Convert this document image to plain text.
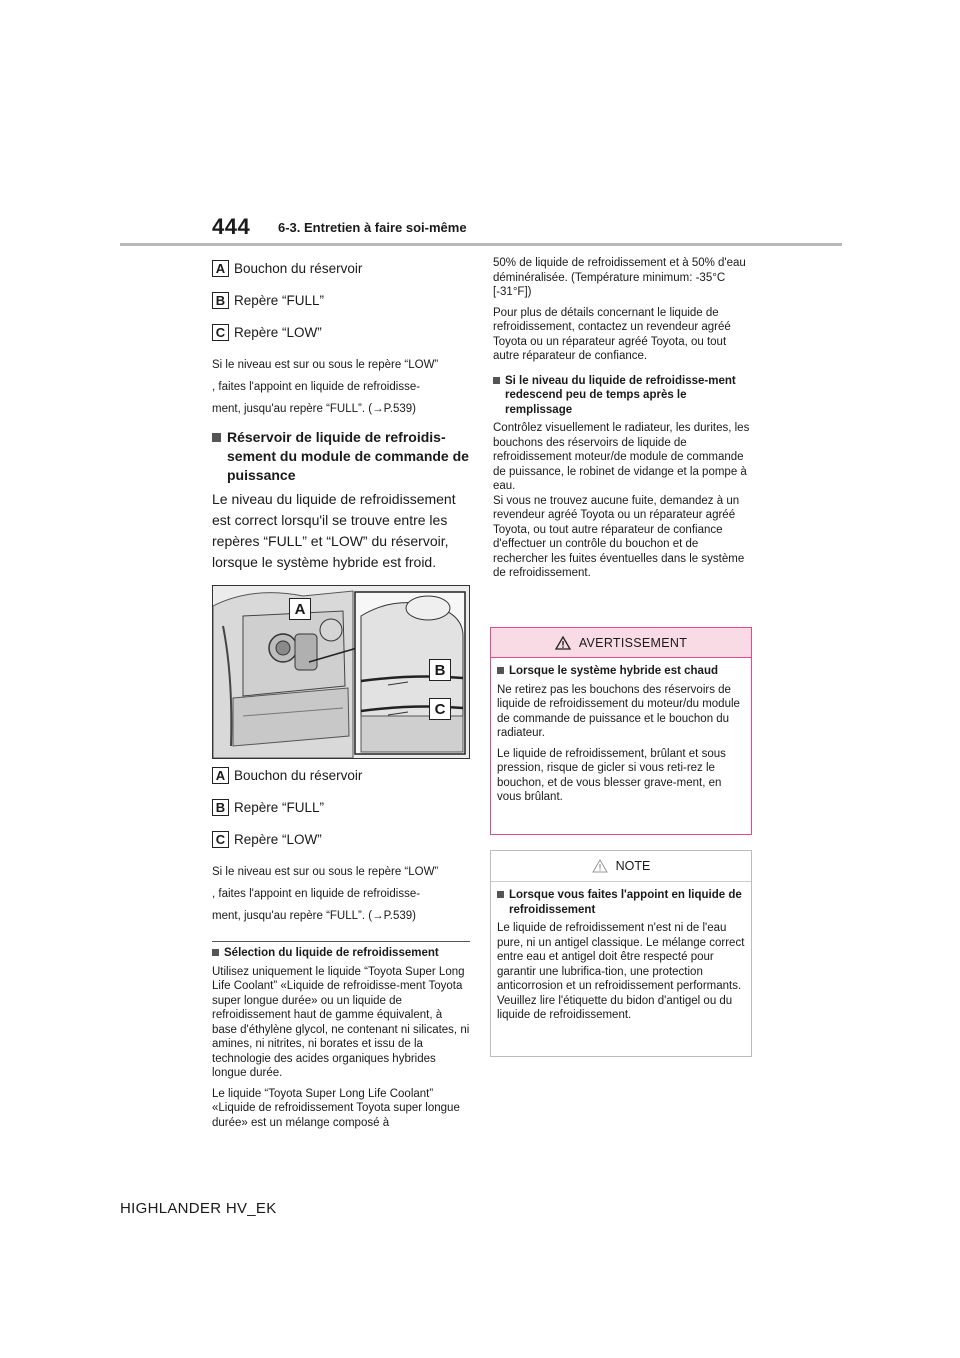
444 6-3. Entretien à faire soi-même
A Bouchon du réservoir
B Repère “FULL”
C Repère “LOW”
Si le niveau est sur ou sous le repère “LOW”
, faites l'appoint en liquide de refroidisse-
ment, jusqu'au repère “FULL”. (→P.539)
Réservoir de liquide de refroidis-sement du module de commande de puissance

Le niveau du liquide de refroidissement est correct lorsqu'il se trouve entre les repères “FULL” et “LOW” du réservoir, lorsque le système hybride est froid.

A
B
C
A Bouchon du réservoir
B Repère “FULL”
C Repère “LOW”
Si le niveau est sur ou sous le repère “LOW”
, faites l'appoint en liquide de refroidisse-
ment, jusqu'au repère “FULL”. (→P.539)
Sélection du liquide de refroidissement

Utilisez uniquement le liquide “Toyota Super Long Life Coolant” «Liquide de refroidisse-ment Toyota super longue durée» ou un liquide de refroidissement haut de gamme équivalent, à base d'éthylène glycol, ne contenant ni silicates, ni amines, ni nitrites, ni borates et issu de la technologie des acides organiques hybrides longue durée.

Le liquide “Toyota Super Long Life Coolant” «Liquide de refroidissement Toyota super longue durée» est un mélange composé à

50% de liquide de refroidissement et à 50% d'eau déminéralisée. (Température minimum: -35°C [-31°F])

Pour plus de détails concernant le liquide de refroidissement, contactez un revendeur agréé Toyota ou un réparateur agréé Toyota, ou tout autre réparateur de confiance.

Si le niveau du liquide de refroidisse-ment redescend peu de temps après le remplissage

Contrôlez visuellement le radiateur, les durites, les bouchons des réservoirs de liquide de refroidissement moteur/de module de commande de puissance, le robinet de vidange et la pompe à eau.
Si vous ne trouvez aucune fuite, demandez à un revendeur agréé Toyota ou un réparateur agréé Toyota, ou tout autre réparateur de confiance d'effectuer un contrôle du bouchon et de rechercher les fuites éventuelles dans le système de refroidissement.

AVERTISSEMENT
Lorsque le système hybride est chaud

Ne retirez pas les bouchons des réservoirs de liquide de refroidissement du moteur/du module de commande de puissance et le bouchon du radiateur.

Le liquide de refroidissement, brûlant et sous pression, risque de gicler si vous reti-rez le bouchon, et de vous blesser grave-ment, en vous brûlant.

NOTE
Lorsque vous faites l'appoint en liquide de refroidissement

Le liquide de refroidissement n'est ni de l'eau pure, ni un antigel classique. Le mélange correct entre eau et antigel doit être respecté pour garantir une lubrifica-tion, une protection anticorrosion et un refroidissement performants. Veuillez lire l'étiquette du bidon d'antigel ou du liquide de refroidissement.

HIGHLANDER HV_EK
